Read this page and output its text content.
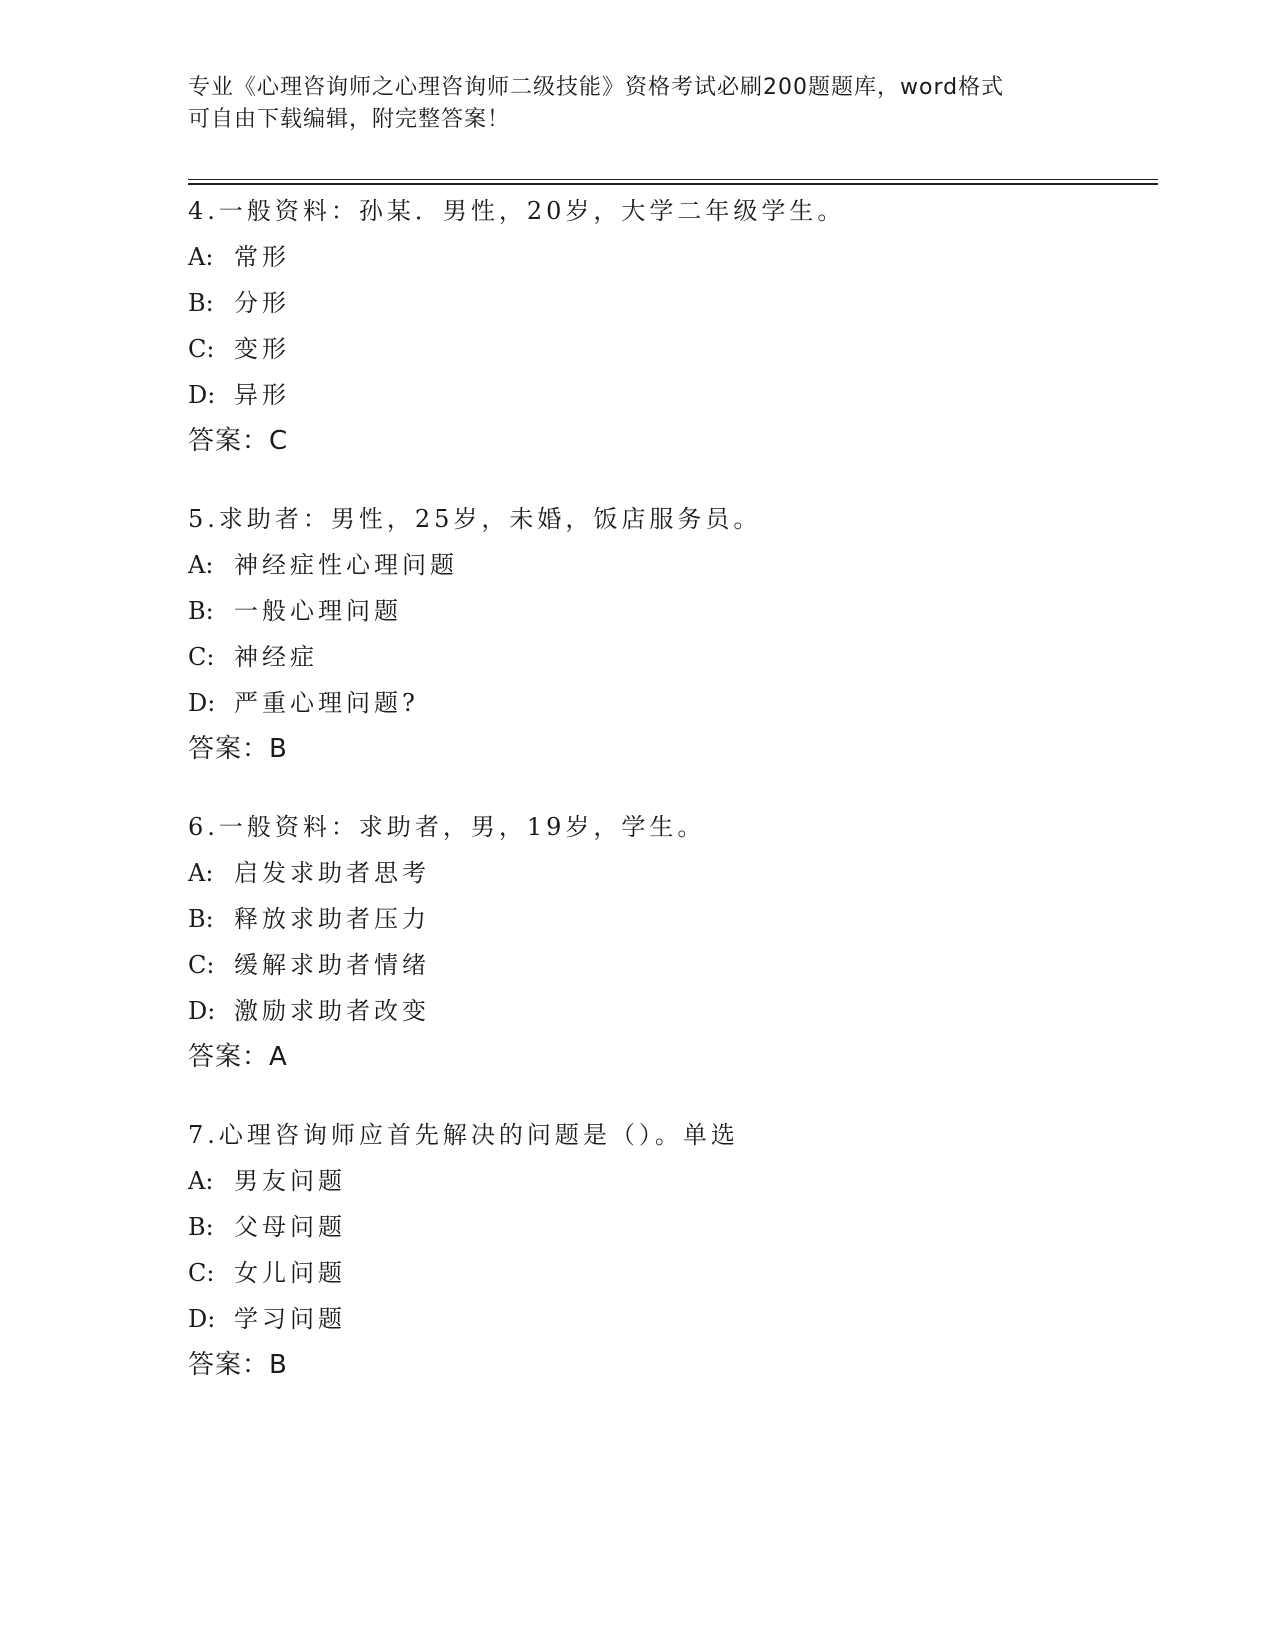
专业《心理咨询师之心理咨询师二级技能》资格考试必刷200题题库，word格式
可自由下载编辑，附完整答案！
4.一般资料：孙某．男性，20岁，大学二年级学生。
A: 常形
B: 分形
C: 变形
D: 异形
答案：C
5.求助者：男性，25岁，未婚，饭店服务员。
A: 神经症性心理问题
B: 一般心理问题
C: 神经症
D: 严重心理问题?
答案：B
6.一般资料：求助者，男，19岁，学生。
A: 启发求助者思考
B: 释放求助者压力
C: 缓解求助者情绪
D: 激励求助者改变
答案：A
7.心理咨询师应首先解决的问题是（）。单选
A: 男友问题
B: 父母问题
C: 女儿问题
D: 学习问题
答案：B
